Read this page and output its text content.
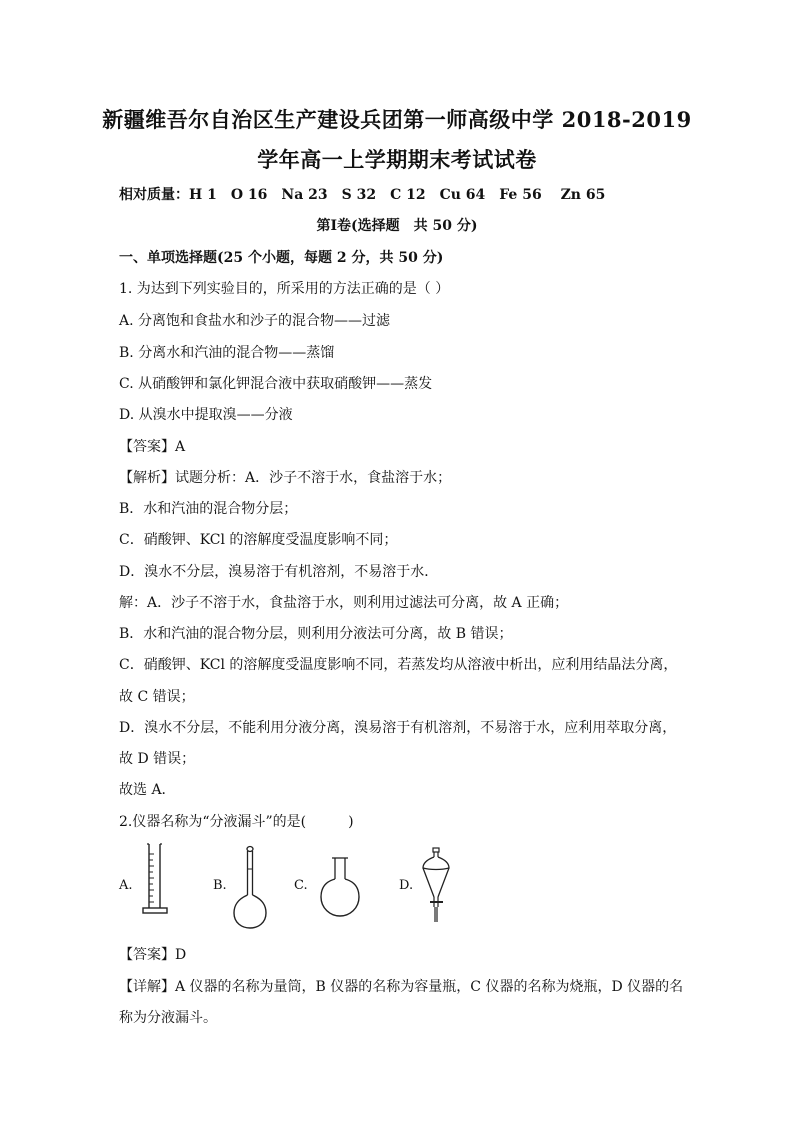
新疆维吾尔自治区生产建设兵团第一师高级中学 2018-2019
学年高一上学期期末考试试卷
相对质量：H 1　O 16　Na 23　S 32　C 12　Cu 64　Fe 56　 Zn 65
第Ⅰ卷(选择题　共 50 分)
一、单项选择题(25 个小题，每题 2 分，共 50 分)
1. 为达到下列实验目的，所采用的方法正确的是（ ）
A. 分离饱和食盐水和沙子的混合物——过滤
B. 分离水和汽油的混合物——蒸馏
C. 从硝酸钾和氯化钾混合液中获取硝酸钾——蒸发
D. 从溴水中提取溴——分液
【答案】A
【解析】试题分析：A．沙子不溶于水，食盐溶于水；
B．水和汽油的混合物分层；
C．硝酸钾、KCl 的溶解度受温度影响不同；
D．溴水不分层，溴易溶于有机溶剂，不易溶于水．
解：A．沙子不溶于水，食盐溶于水，则利用过滤法可分离，故 A 正确；
B．水和汽油的混合物分层，则利用分液法可分离，故 B 错误；
C．硝酸钾、KCl 的溶解度受温度影响不同，若蒸发均从溶液中析出，应利用结晶法分离，
故 C 错误；
D．溴水不分层，不能利用分液分离，溴易溶于有机溶剂，不易溶于水，应利用萃取分离，
故 D 错误；
故选 A．
2.仪器名称为“分液漏斗”的是(　　　)
A.	B.	C.	D.
【答案】D
【详解】A 仪器的名称为量筒，B 仪器的名称为容量瓶，C 仪器的名称为烧瓶，D 仪器的名
称为分液漏斗。
